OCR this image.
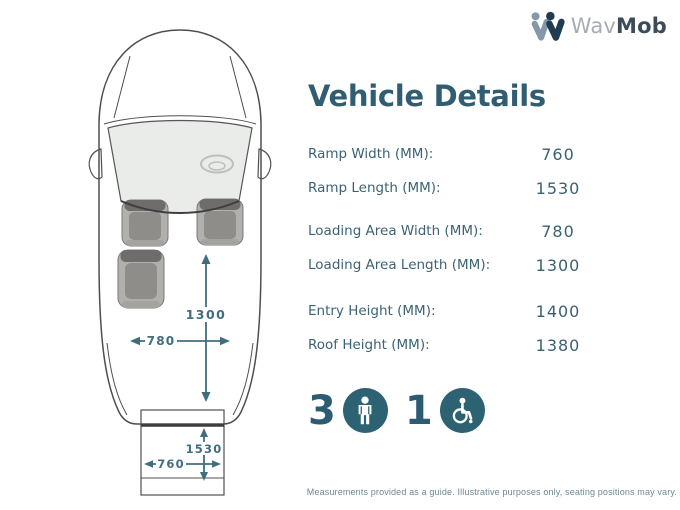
1300
780
1530
760
WavMob
Vehicle Details
Ramp Width (MM):	760
Ramp Length (MM):	1530
Loading Area Width (MM):	780
Loading Area Length (MM):	1300
Entry Height (MM):	1400
Roof Height (MM):	1380
3 1
Measurements provided as a guide. Illustrative purposes only, seating positions may vary.
